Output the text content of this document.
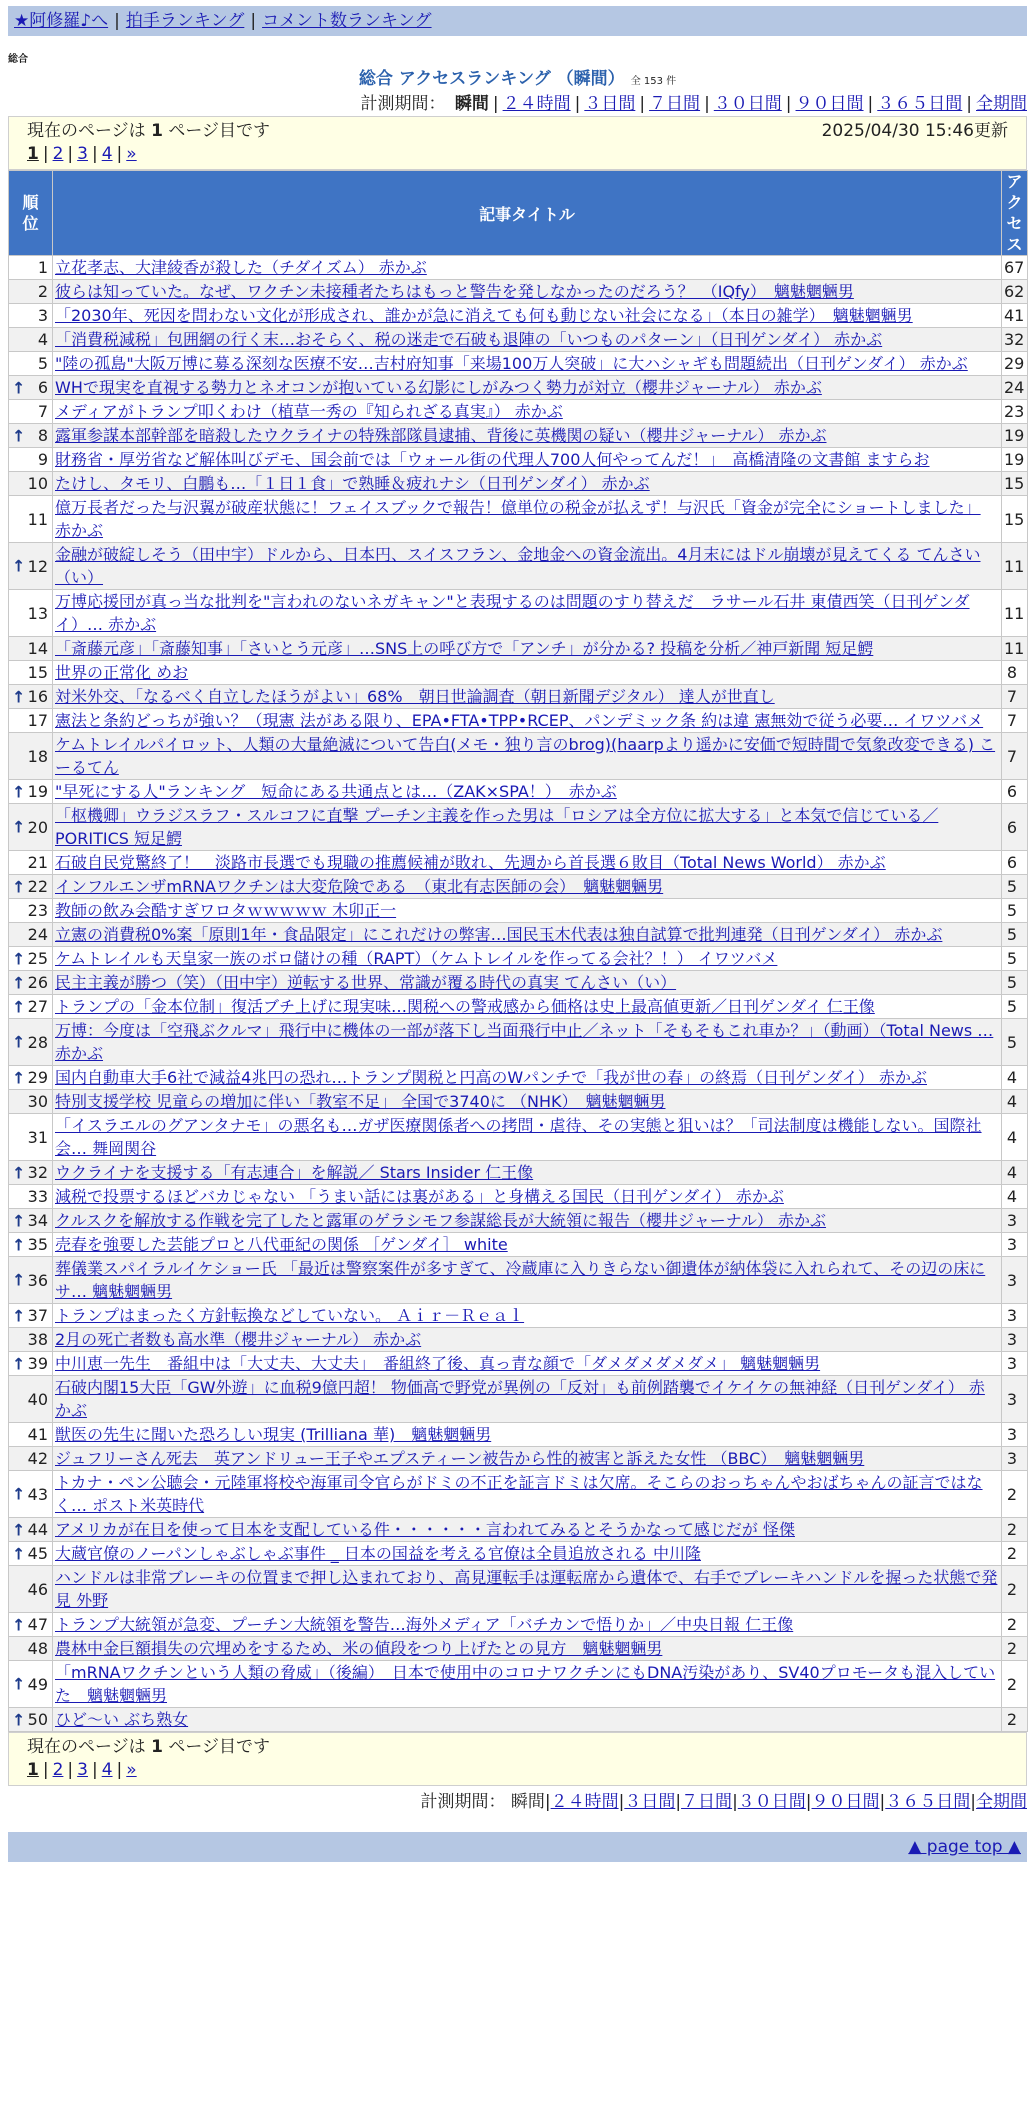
★阿修羅♪へ | 拍手ランキング | コメント数ランキング
総合
総合 アクセスランキング （瞬間） 全 153 件
計測期間： 瞬間 | ２４時間 | ３日間 | ７日間 | ３０日間 | ９０日間 | ３６５日間 | 全期間
現在のページは 1 ページ目です	2025/04/30 15:46更新
1 | 2 | 3 | 4 | »
順
位	記事タイトル	アク
セス

1	立花孝志、大津綾香が殺した（チダイズム） 赤かぶ	67
2	彼らは知っていた。なぜ、ワクチン未接種者たちはもっと警告を発しなかったのだろう？　（IQfy）　魑魅魍魎男	62
3	「2030年、死因を問わない文化が形成され、誰かが急に消えても何も動じない社会になる」（本日の雑学）　魑魅魍魎男	41
4	「消費税減税」包囲網の行く末…おそらく、税の迷走で石破も退陣の「いつものパターン」（日刊ゲンダイ） 赤かぶ	32
5	"陸の孤島"大阪万博に募る深刻な医療不安…吉村府知事「来場100万人突破」に大ハシャギも問題続出（日刊ゲンダイ） 赤かぶ	29

↑ 6	WHで現実を直視する勢力とネオコンが抱いている幻影にしがみつく勢力が対立（櫻井ジャーナル） 赤かぶ	24
7	メディアがトランプ叩くわけ（植草一秀の『知られざる真実』） 赤かぶ	23

↑ 8	露軍参謀本部幹部を暗殺したウクライナの特殊部隊員逮捕、背後に英機関の疑い（櫻井ジャーナル） 赤かぶ	19
9	財務省・厚労省など解体叫びデモ、国会前では「ウォール街の代理人700人何やってんだ！」　高橋清隆の文書館 ますらお	19
10	たけし、タモリ、白鵬も…「１日１食」で熟睡＆疲れナシ（日刊ゲンダイ） 赤かぶ	15
11	億万長者だった与沢翼が破産状態に！フェイスブックで報告！億単位の税金が払えず！与沢氏「資金が完全にショートしました」 赤かぶ	15

↑ 12	金融が破綻しそう（田中宇）ドルから、日本円、スイスフラン、金地金への資金流出。4月末にはドル崩壊が見えてくる てんさい（い）	11
13	万博応援団が真っ当な批判を"言われのないネガキャン"と表現するのは問題のすり替えだ　ラサール石井 東債西笑（日刊ゲンダイ）… 赤かぶ	11
14	「斎藤元彦」「斎藤知事」「さいとう元彦」…SNS上の呼び方で「アンチ」が分かる? 投稿を分析／神戸新聞 短足鰐	11
15	世界の正常化 めお	8

↑ 16	対米外交、「なるべく自立したほうがよい」68%　朝日世論調査（朝日新聞デジタル） 達人が世直し	7
17	憲法と条約どっちが強い？（現憲 法がある限り、EPA•FTA•TPP•RCEP、パンデミック条 約は違 憲無効で従う必要… イワツバメ	7
18	ケムトレイルパイロット、人類の大量絶滅について告白(メモ・独り言のbrog)(haarpより遥かに安価で短時間で気象改変できる) こーるてん	7

↑ 19	"早死にする人"ランキング　短命にある共通点とは…（ZAK×SPA！）　赤かぶ	6

↑ 20	「枢機卿」ウラジスラフ・スルコフに直撃 プーチン主義を作った男は「ロシアは全方位に拡大する」と本気で信じている／PORITICS 短足鰐	6
21	石破自民党驚終了！　淡路市長選でも現職の推薦候補が敗れ、先週から首長選６敗目（Total News World） 赤かぶ	6

↑ 22	インフルエンザmRNAワクチンは大変危険である　（東北有志医師の会）　魑魅魍魎男	5
23	教師の飲み会酷すぎワロタｗｗｗｗｗ 木卯正一	5
24	立憲の消費税0%案「原則1年・食品限定」にこれだけの弊害…国民玉木代表は独自試算で批判連発（日刊ゲンダイ） 赤かぶ	5

↑ 25	ケムトレイルも天皇家一族のボロ儲けの種（RAPT）（ケムトレイルを作ってる会社？！） イワツバメ	5

↑ 26	民主主義が勝つ（笑）（田中宇）逆転する世界、常識が覆る時代の真実 てんさい（い）	5

↑ 27	トランプの「金本位制」復活ブチ上げに現実味…関税への警戒感から価格は史上最高値更新／日刊ゲンダイ 仁王像	5

↑ 28	万博：今度は「空飛ぶクルマ」飛行中に機体の一部が落下し当面飛行中止／ネット「そもそもこれ車か？」（動画）（Total News … 赤かぶ	5

↑ 29	国内自動車大手6社で減益4兆円の恐れ…トランプ関税と円高のWパンチで「我が世の春」の終焉（日刊ゲンダイ） 赤かぶ	4
30	特別支援学校 児童らの増加に伴い「教室不足」 全国で3740に （NHK）　魑魅魍魎男	4
31	「イスラエルのグアンタナモ」の悪名も…ガザ医療関係者への拷問・虐待、その実態と狙いは？「司法制度は機能しない。国際社会… 舞岡関谷	4

↑ 32	ウクライナを支援する「有志連合」を解説／ Stars Insider 仁王像	4
33	減税で投票するほどバカじゃない 「うまい話には裏がある」と身構える国民（日刊ゲンダイ） 赤かぶ	4

↑ 34	クルスクを解放する作戦を完了したと露軍のゲラシモフ参謀総長が大統領に報告（櫻井ジャーナル） 赤かぶ	3

↑ 35	売春を強要した芸能プロと八代亜紀の関係 ［ゲンダイ］ white	3

↑ 36	葬儀業スパイラルイケショー氏 「最近は警察案件が多すぎて、冷蔵庫に入りきらない御遺体が納体袋に入れられて、その辺の床にサ… 魑魅魍魎男	3

↑ 37	トランプはまったく方針転換などしていない。 Ａｉｒ－Ｒｅａｌ	3
38	2月の死亡者数も高水準（櫻井ジャーナル） 赤かぶ	3

↑ 39	中川恵一先生　番組中は「大丈夫、大丈夫」　番組終了後、真っ青な顔で「ダメダメダメダメ」 魑魅魍魎男	3
40	石破内閣15大臣「GW外遊」に血税9億円超！ 物価高で野党が異例の「反対」も前例踏襲でイケイケの無神経（日刊ゲンダイ） 赤かぶ	3
41	獣医の先生に聞いた恐ろしい現実 (Trilliana 華)　魑魅魍魎男	3
42	ジュフリーさん死去　英アンドリュー王子やエプスティーン被告から性的被害と訴えた女性 （BBC）　魑魅魍魎男	3

↑ 43	トカナ・ペン公聴会・元陸軍将校や海軍司令官らがドミの不正を証言ドミは欠席。そこらのおっちゃんやおばちゃんの証言ではなく… ポスト米英時代	2

↑ 44	アメリカが在日を使って日本を支配している件・・・・・・言われてみるとそうかなって感じだが 怪傑	2

↑ 45	大蔵官僚のノーパンしゃぶしゃぶ事件 _ 日本の国益を考える官僚は全員追放される 中川隆	2
46	ハンドルは非常ブレーキの位置まで押し込まれており、高見運転手は運転席から遺体で、右手でブレーキハンドルを握った状態で発見 外野	2

↑ 47	トランプ大統領が急変、プーチン大統領を警告…海外メディア「バチカンで悟りか」／中央日報 仁王像	2
48	農林中金巨額損失の穴埋めをするため、米の値段をつり上げたとの見方　魑魅魍魎男	2

↑ 49	「mRNAワクチンという人類の脅威」（後編）　日本で使用中のコロナワクチンにもDNA汚染があり、SV40プロモータも混入していた　魑魅魍魎男	2

↑ 50	ひど～い ぶち熟女	2
現在のページは 1 ページ目です
1 | 2 | 3 | 4 | »
計測期間： 瞬間|２４時間|３日間|７日間|３０日間|９０日間|３６５日間|全期間
▲ page top ▲
